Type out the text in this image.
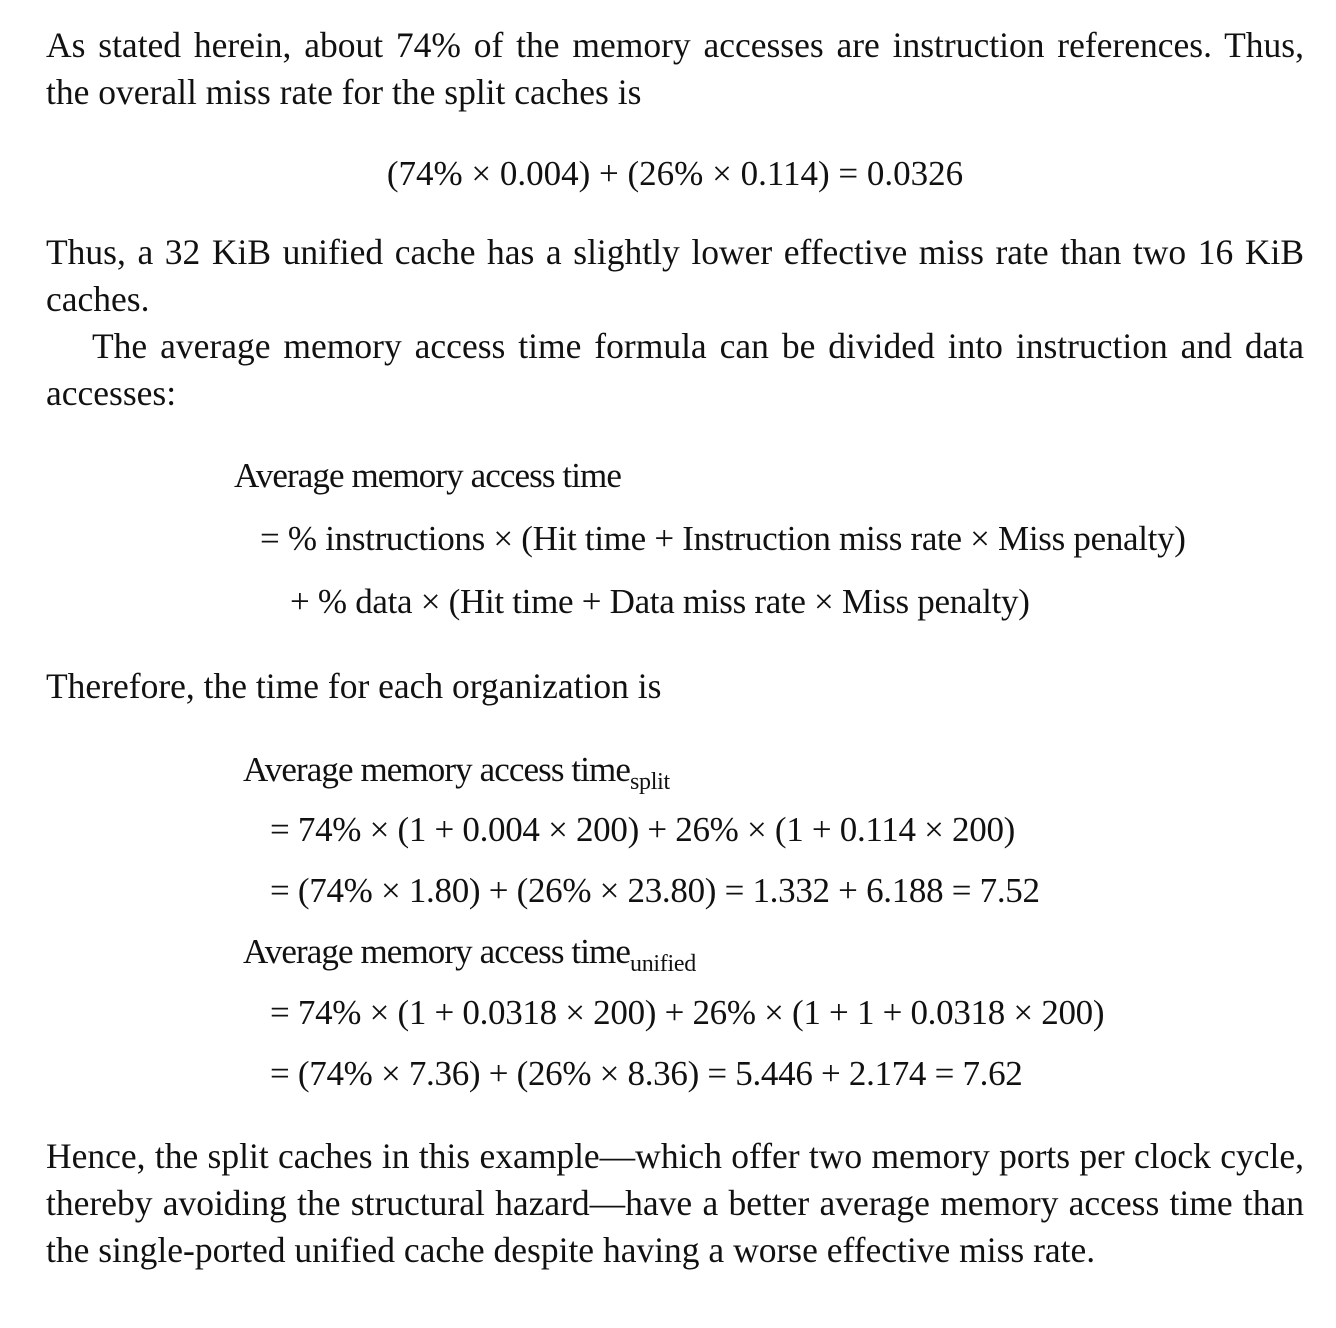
As stated herein, about 74% of the memory accesses are instruction references. Thus, the overall miss rate for the split caches is

(74% × 0.004) + (26% × 0.114) = 0.0326

Thus, a 32 KiB unified cache has a slightly lower effective miss rate than two 16 KiB caches.

The average memory access time formula can be divided into instruction and data accesses:

Average memory access time
= % instructions × (Hit time + Instruction miss rate × Miss penalty)
+ % data × (Hit time + Data miss rate × Miss penalty)

Therefore, the time for each organization is

Average memory access time$_{split}$
= 74% × (1 + 0.004 × 200) + 26% × (1 + 0.114 × 200)
= (74% × 1.80) + (26% × 23.80) = 1.332 + 6.188 = 7.52
Average memory access time$_{unified}$
= 74% × (1 + 0.0318 × 200) + 26% × (1 + 1 + 0.0318 × 200)
= (74% × 7.36) + (26% × 8.36) = 5.446 + 2.174 = 7.62

Hence, the split caches in this example—which offer two memory ports per clock cycle, thereby avoiding the structural hazard—have a better average memory access time than the single-ported unified cache despite having a worse effective miss rate.
